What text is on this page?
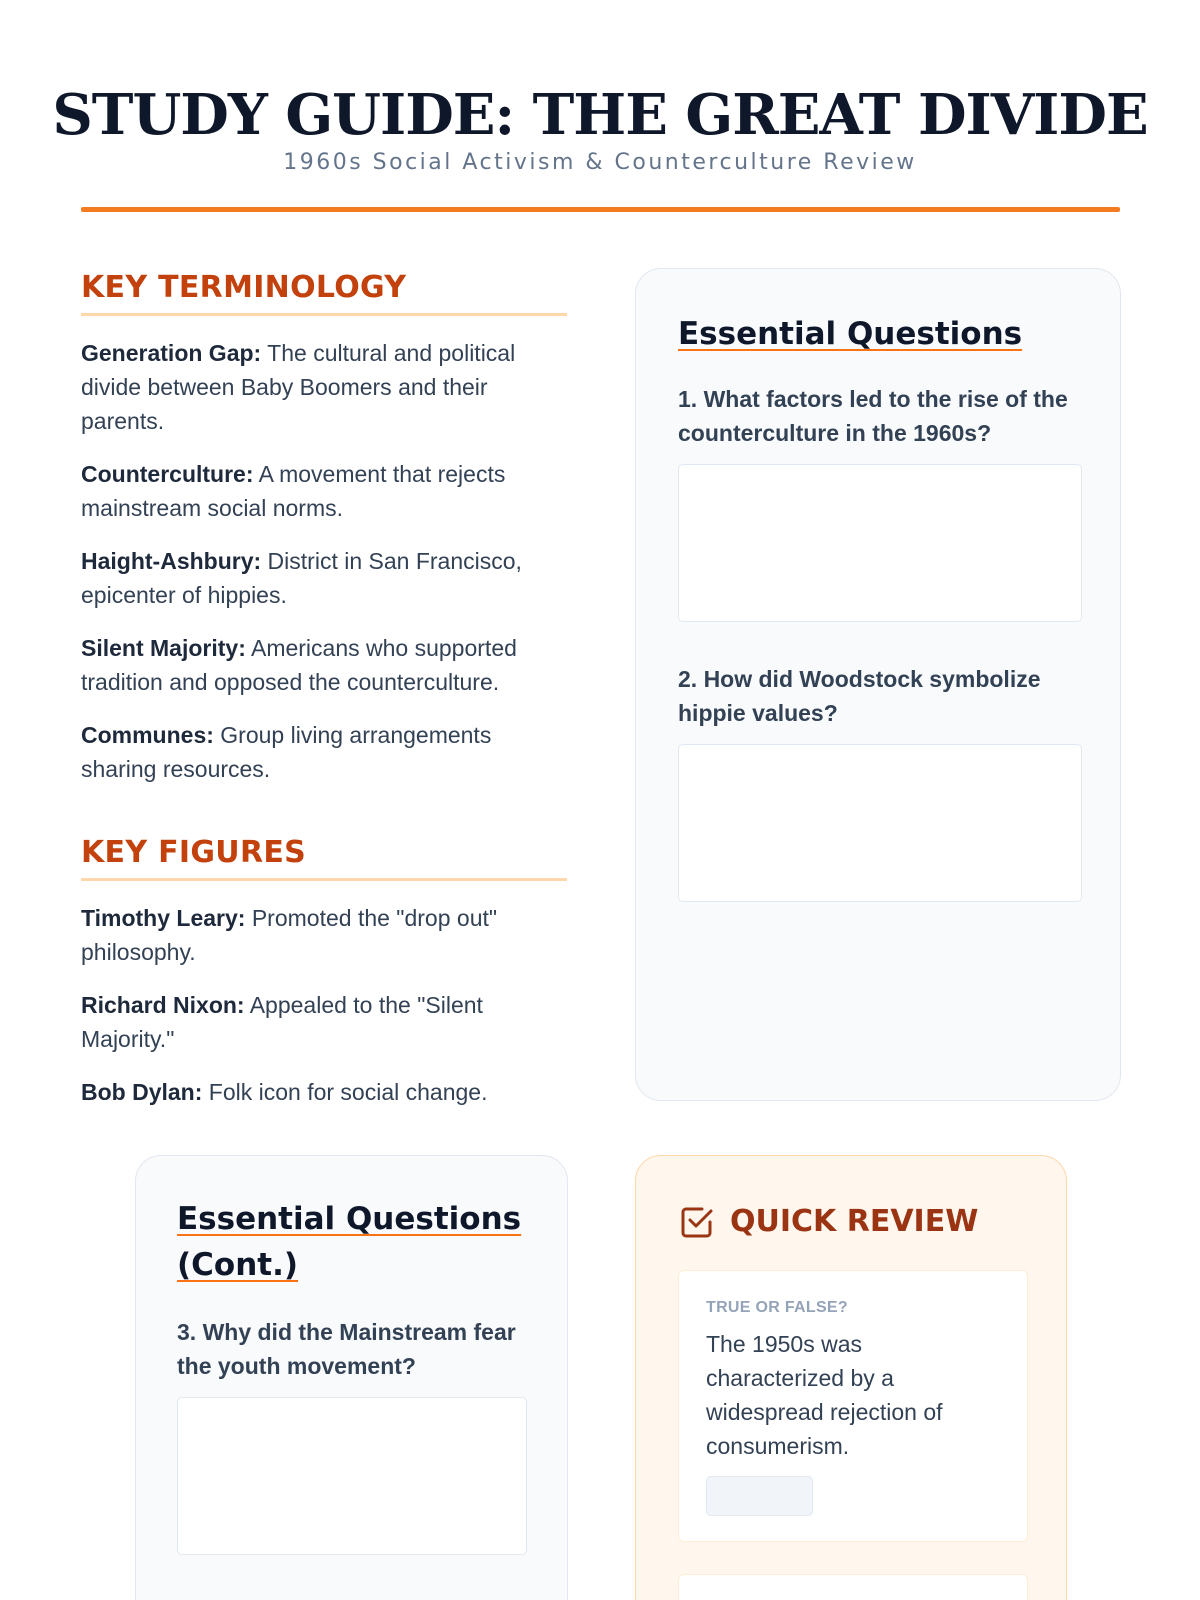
STUDY GUIDE: THE GREAT DIVIDE
1960s Social Activism & Counterculture Review
KEY TERMINOLOGY

Generation Gap: The cultural and political divide between Baby Boomers and their parents.

Counterculture: A movement that rejects mainstream social norms.

Haight-Ashbury: District in San Francisco, epicenter of hippies.

Silent Majority: Americans who supported tradition and opposed the counterculture.

Communes: Group living arrangements sharing resources.

KEY FIGURES

Timothy Leary: Promoted the "drop out" philosophy.

Richard Nixon: Appealed to the "Silent Majority."

Bob Dylan: Folk icon for social change.

Essential Questions
1. What factors led to the rise of the counterculture in the 1960s?
2. How did Woodstock symbolize hippie values?
Essential Questions (Cont.)
3. Why did the Mainstream fear the youth movement?
QUICK REVIEW
TRUE OR FALSE?
The 1950s was characterized by a widespread rejection of consumerism.
